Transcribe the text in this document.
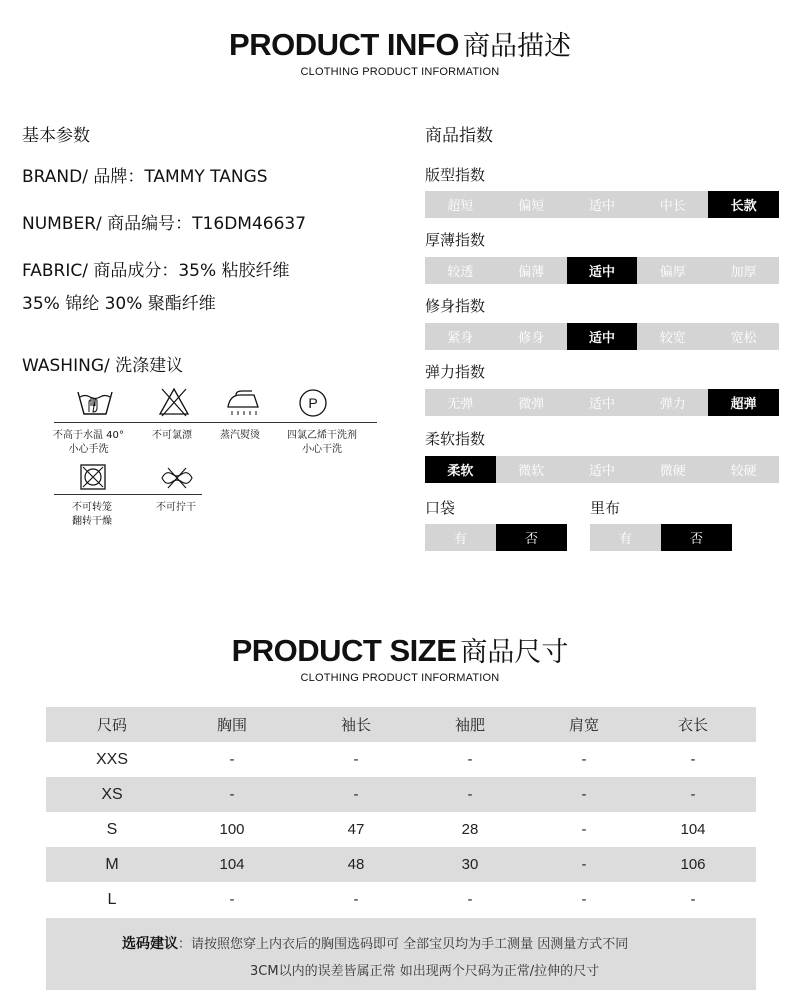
PRODUCT INFO 商品描述
CLOTHING PRODUCT INFORMATION
基本参数
BRAND/ 品牌：TAMMY TANGS
NUMBER/ 商品编号：T16DM46637
FABRIC/ 商品成分：35% 粘胶纤维
35% 锦纶 30% 聚酯纤维
WASHING/ 洗涤建议
P
不高于水温 40°
小心手洗
不可氯漂	蒸汽熨烫	四氯乙烯干洗剂
小心干洗
不可转笼
翻转干燥
不可拧干
商品指数
版型指数
超短	偏短	适中	中长	长款
厚薄指数
较透	偏薄	适中	偏厚	加厚
修身指数
紧身	修身	适中	较宽	宽松
弹力指数
无弹	微弹	适中	弹力	超弹
柔软指数
柔软	微软	适中	微硬	较硬
口袋
有	否
里布
有	否
PRODUCT SIZE 商品尺寸
CLOTHING PRODUCT INFORMATION
尺码	胸围	袖长	袖肥	肩宽	衣长
XXS	-	-	-	-	-
XS	-	-	-	-	-
S	100	47	28	-	104
M	104	48	30	-	106
L	-	-	-	-	-
选码建议：请按照您穿上内衣后的胸围选码即可 全部宝贝均为手工测量 因测量方式不同
3CM以内的误差皆属正常 如出现两个尺码为正常/拉伸的尺寸
